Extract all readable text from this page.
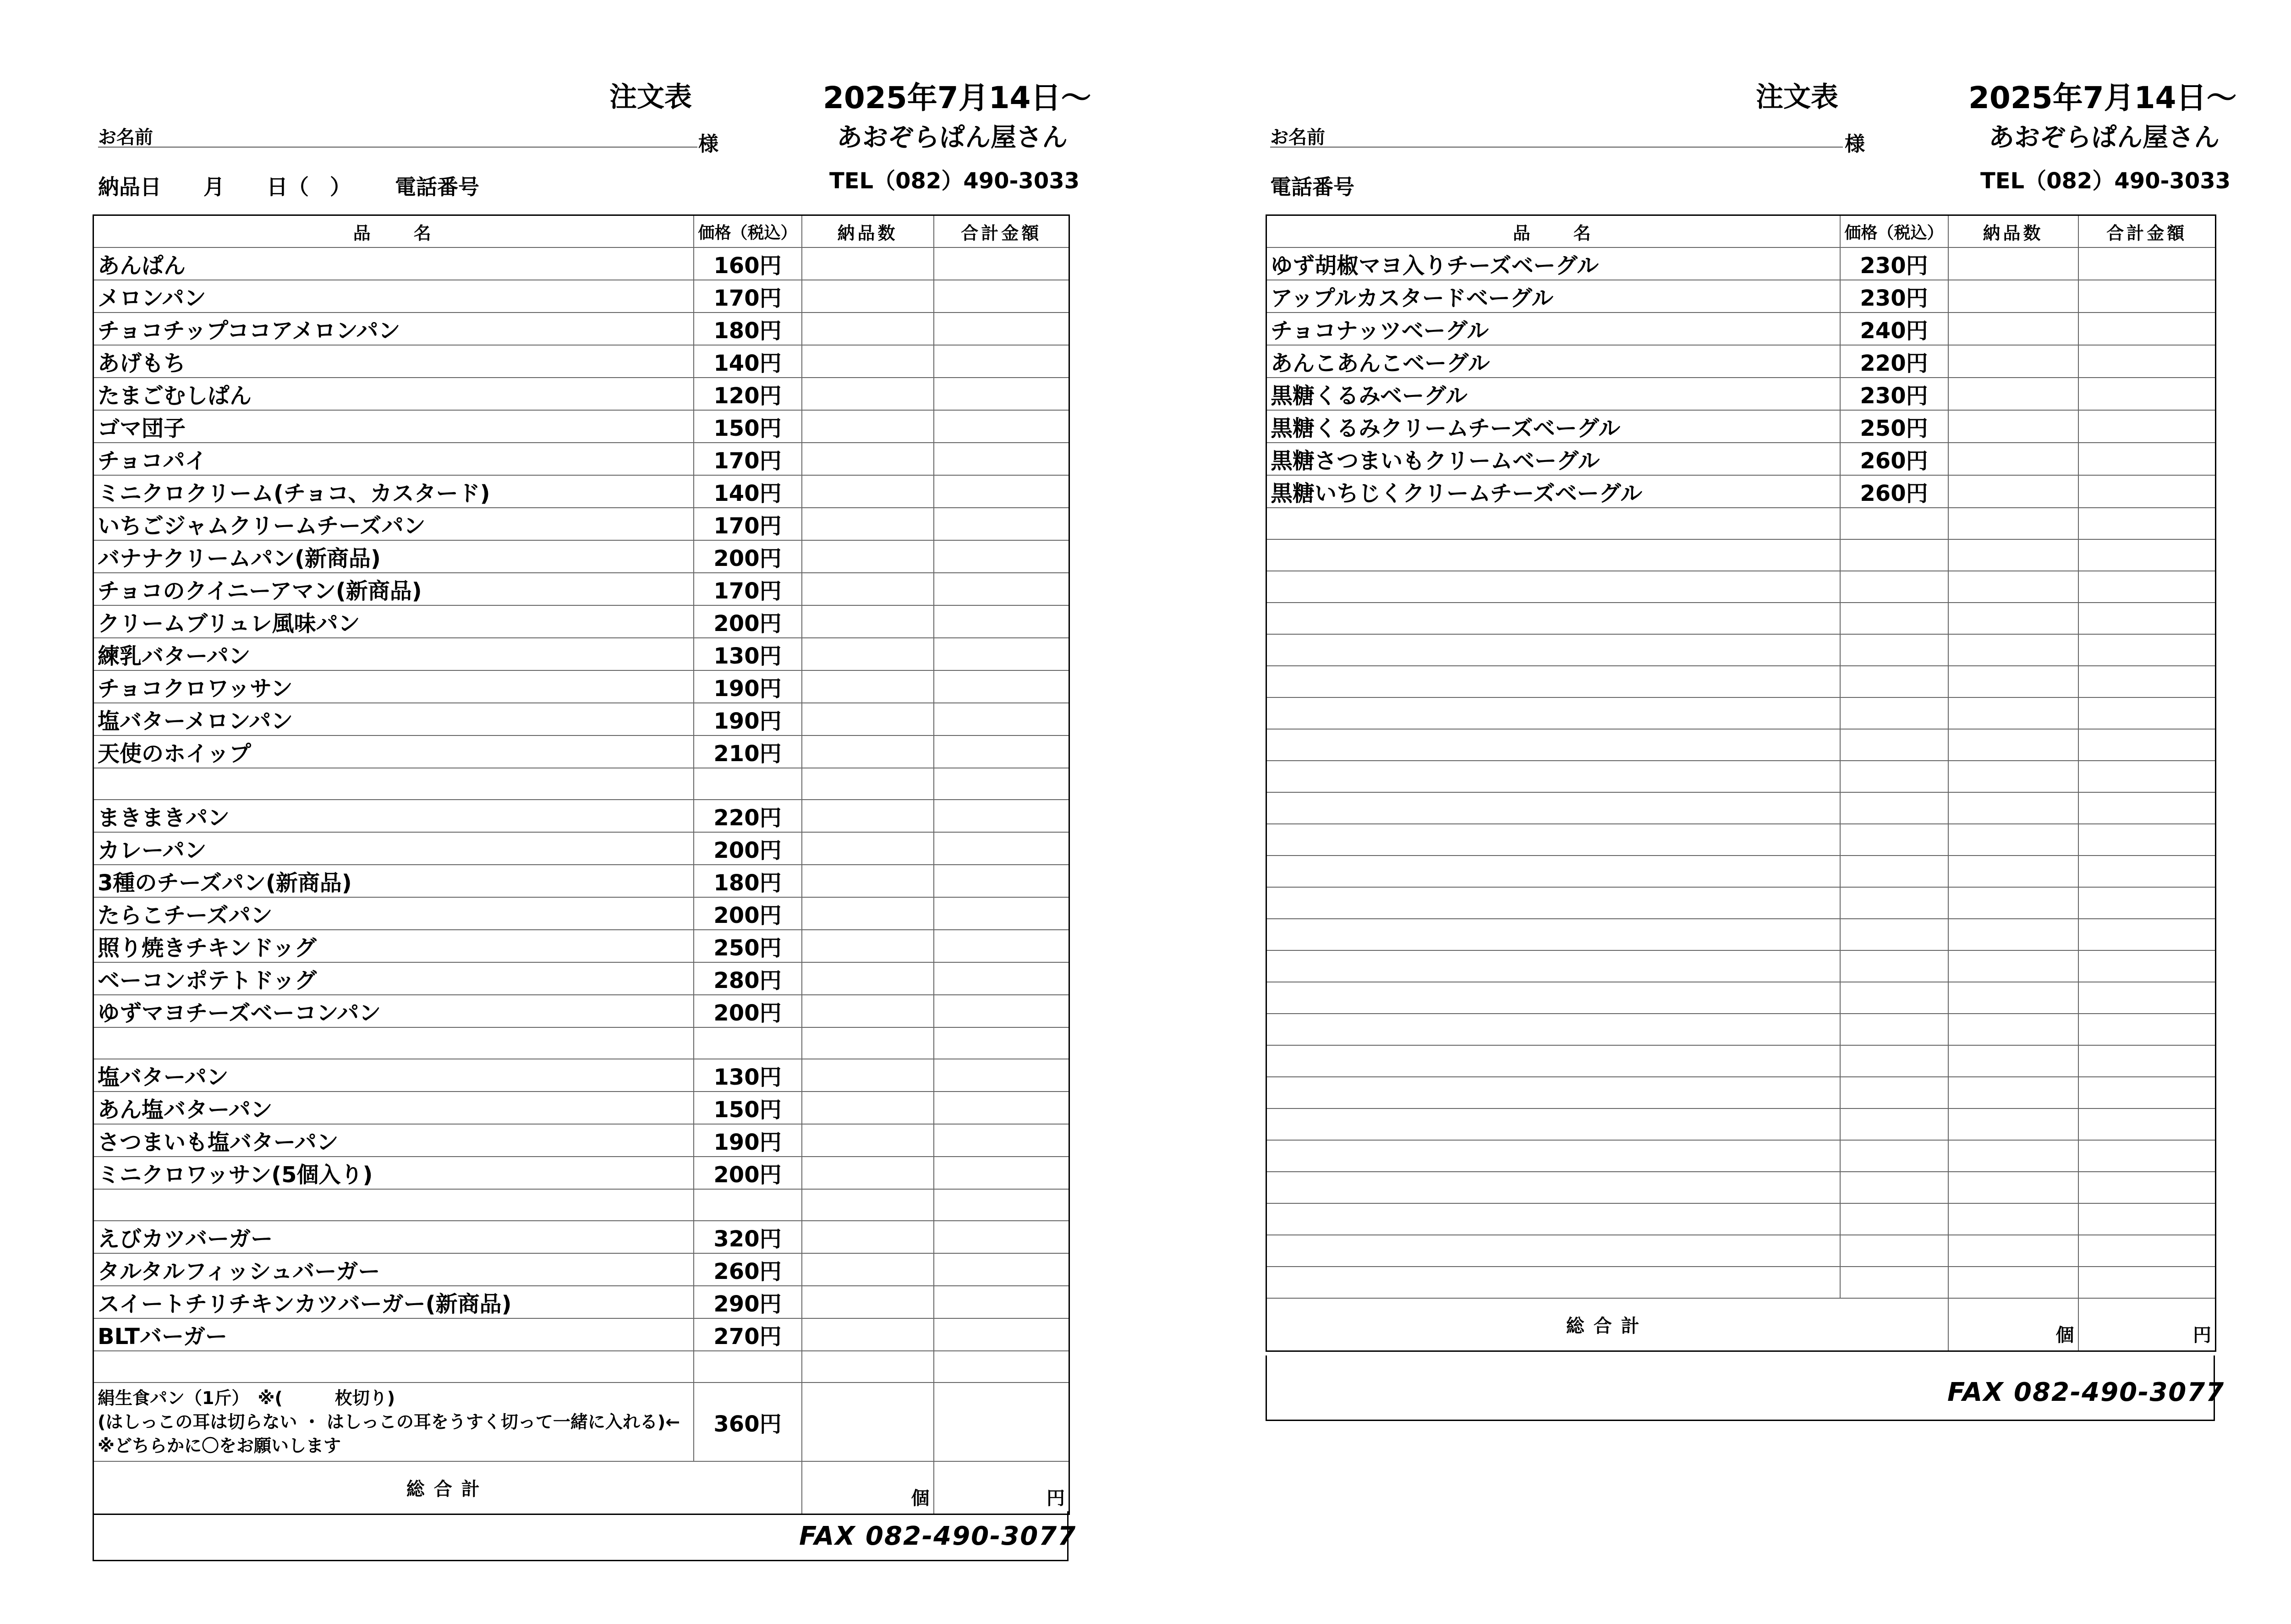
注文表	2025年7月14日～
お名前	様	あおぞらぱん屋さん
納品日　　月　　日（　） 電話番号	TEL（082）490-3033
品　　名	価格（税込）	納品数	合計金額
あんぱん	160円		
メロンパン	170円		
チョコチップココアメロンパン	180円		
あげもち	140円		
たまごむしぱん	120円		
ゴマ団子	150円		
チョコパイ	170円		
ミニクロクリーム(チョコ、カスタード)	140円		
いちごジャムクリームチーズパン	170円		
バナナクリームパン(新商品)	200円		
チョコのクイニーアマン(新商品)	170円		
クリームブリュレ風味パン	200円		
練乳バターパン	130円		
チョコクロワッサン	190円		
塩バターメロンパン	190円		
天使のホイップ	210円		

まきまきパン	220円		
カレーパン	200円		
3種のチーズパン(新商品)	180円		
たらこチーズパン	200円		
照り焼きチキンドッグ	250円		
ベーコンポテトドッグ	280円		
ゆずマヨチーズベーコンパン	200円		

塩バターパン	130円		
あん塩バターパン	150円		
さつまいも塩バターパン	190円		
ミニクロワッサン(5個入り)	200円		

えびカツバーガー	320円		
タルタルフィッシュバーガー	260円		
スイートチリチキンカツバーガー(新商品)	290円		
BLTバーガー	270円		

絹生食パン（1斤）　※(　　　枚切り)
(はしっこの耳は切らない ・ はしっこの耳をうすく切って一緒に入れる)←
※どちらかに〇をお願いします	360円		
総合計		個	円
FAX 082-490-3077
注文表	2025年7月14日～
お名前	様	あおぞらぱん屋さん
電話番号	TEL（082）490-3033
品　　名	価格（税込）	納品数	合計金額
ゆず胡椒マヨ入りチーズベーグル	230円		
アップルカスタードベーグル	230円		
チョコナッツベーグル	240円		
あんこあんこベーグル	220円		
黒糖くるみベーグル	230円		
黒糖くるみクリームチーズベーグル	250円		
黒糖さつまいもクリームベーグル	260円		
黒糖いちじくクリームチーズベーグル	260円		

総合計		個	円
FAX 082-490-3077
